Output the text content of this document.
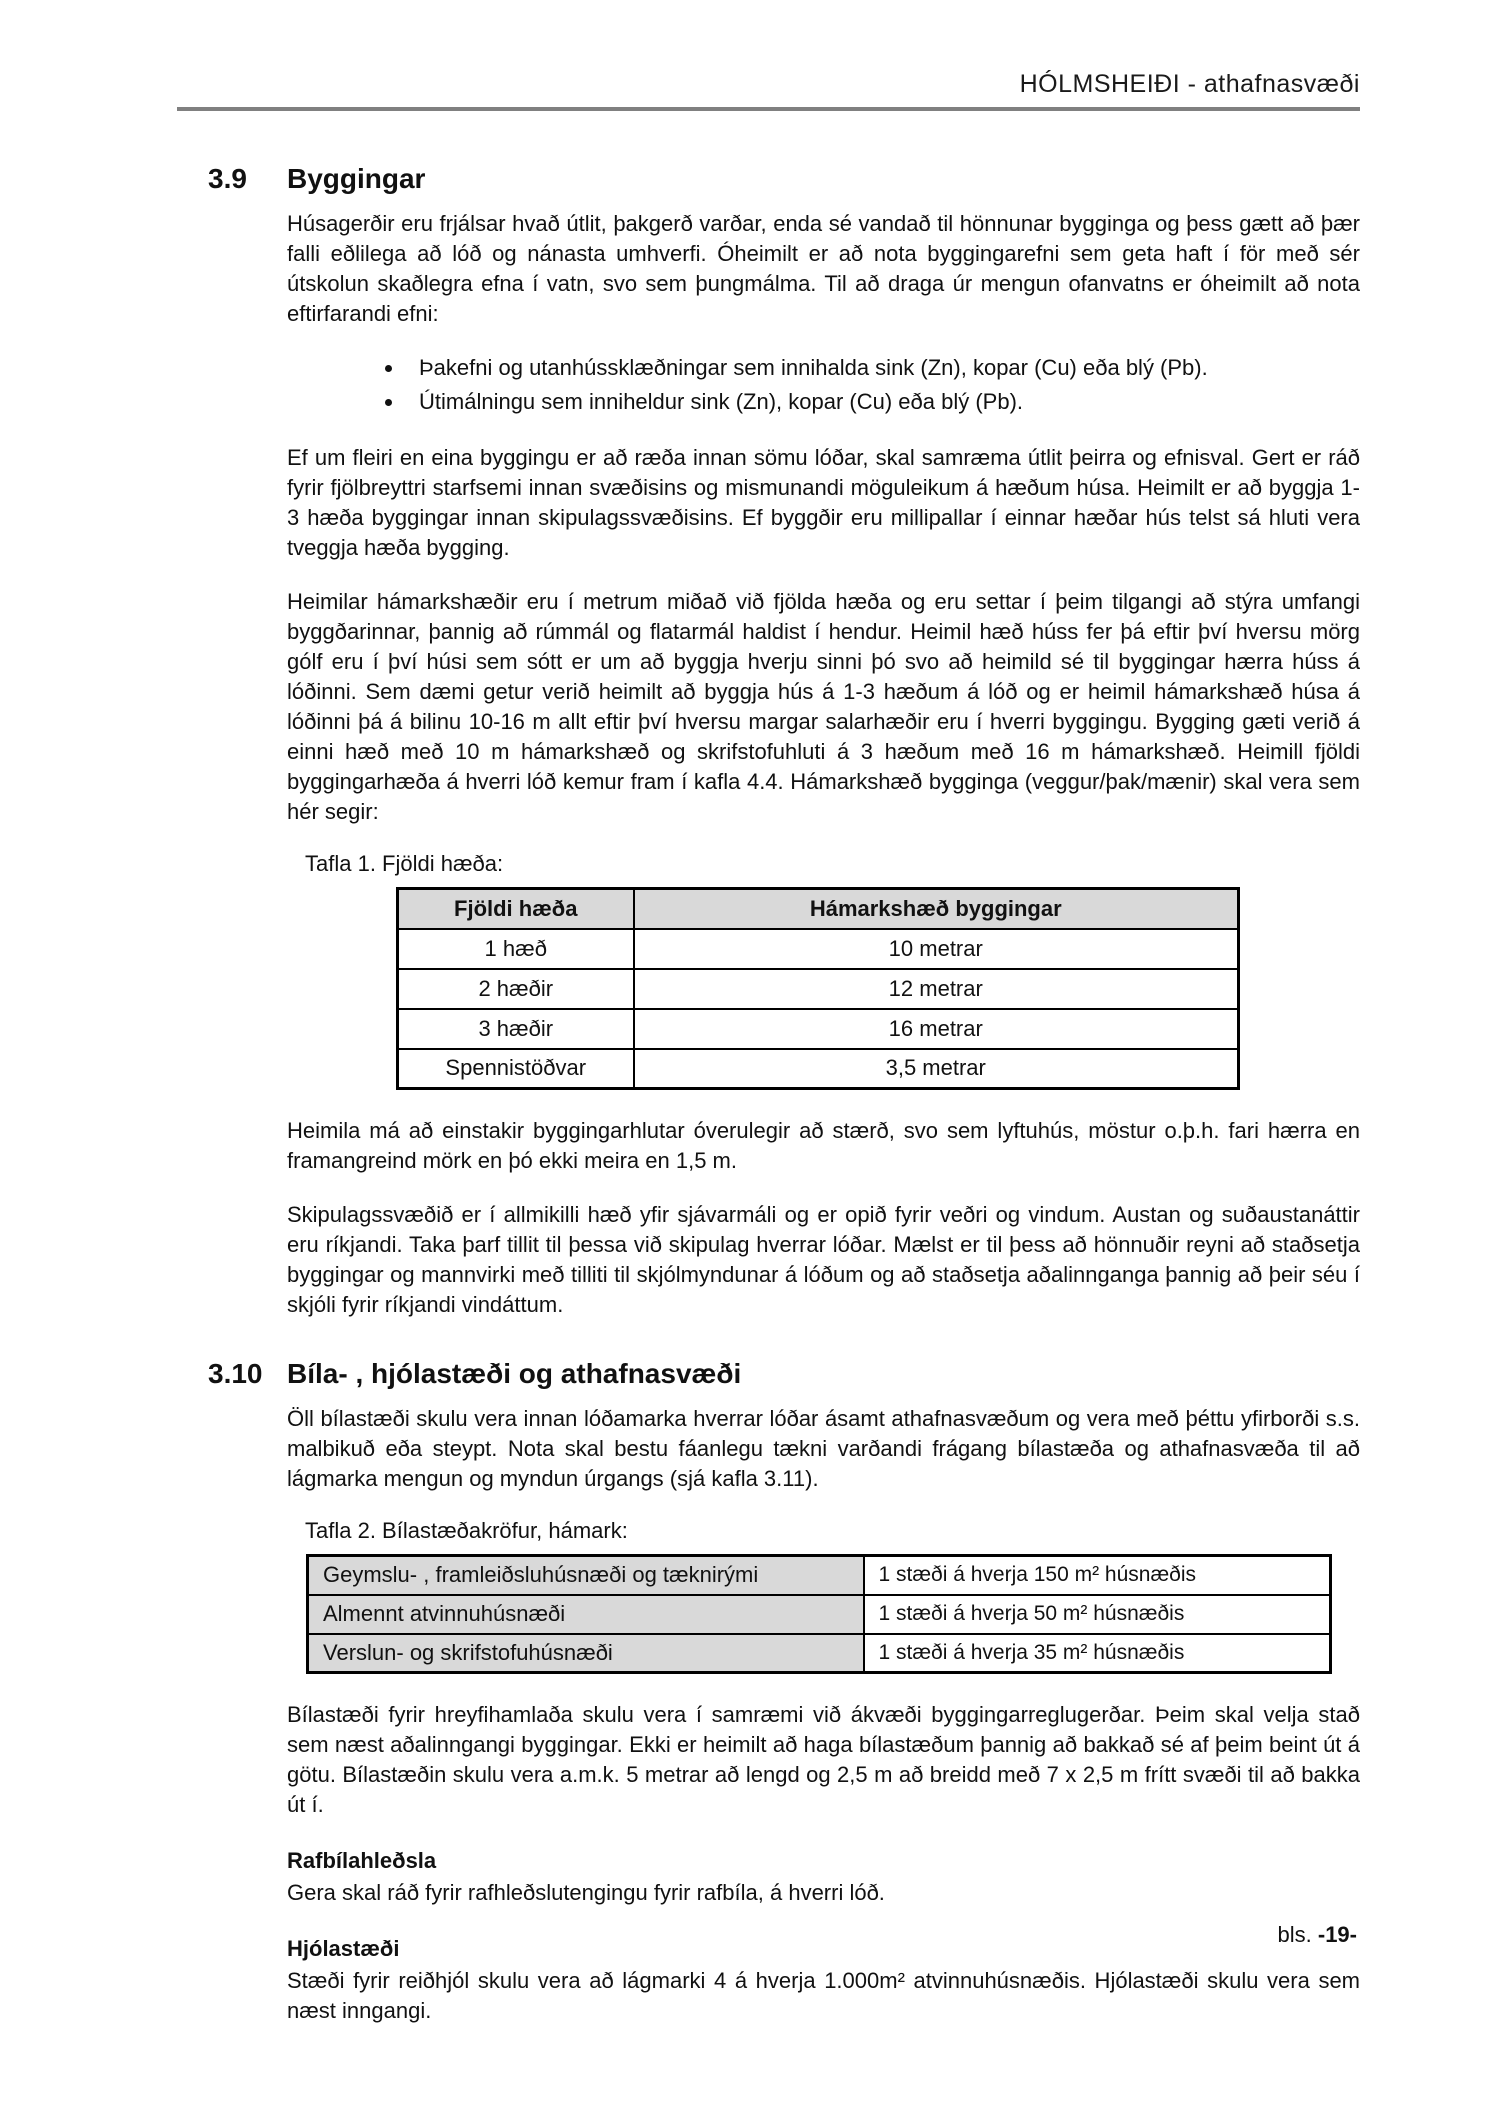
HÓLMSHEIÐI - athafnasvæði
3.9	Byggingar

Húsagerðir eru frjálsar hvað útlit, þakgerð varðar, enda sé vandað til hönnunar bygginga og þess gætt að þær falli eðlilega að lóð og nánasta umhverfi. Óheimilt er að nota byggingarefni sem geta haft í för með sér útskolun skaðlegra efna í vatn, svo sem þungmálma. Til að draga úr mengun ofanvatns er óheimilt að nota eftirfarandi efni:

• Þakefni og utanhússklæðningar sem innihalda sink (Zn), kopar (Cu) eða blý (Pb).
• Útimálningu sem inniheldur sink (Zn), kopar (Cu) eða blý (Pb).

Ef um fleiri en eina byggingu er að ræða innan sömu lóðar, skal samræma útlit þeirra og efnisval. Gert er ráð fyrir fjölbreyttri starfsemi innan svæðisins og mismunandi möguleikum á hæðum húsa. Heimilt er að byggja 1-3 hæða byggingar innan skipulagssvæðisins. Ef byggðir eru millipallar í einnar hæðar hús telst sá hluti vera tveggja hæða bygging.

Heimilar hámarkshæðir eru í metrum miðað við fjölda hæða og eru settar í þeim tilgangi að stýra umfangi byggðarinnar, þannig að rúmmál og flatarmál haldist í hendur. Heimil hæð húss fer þá eftir því hversu mörg gólf eru í því húsi sem sótt er um að byggja hverju sinni þó svo að heimild sé til byggingar hærra húss á lóðinni. Sem dæmi getur verið heimilt að byggja hús á 1-3 hæðum á lóð og er heimil hámarkshæð húsa á lóðinni þá á bilinu 10-16 m allt eftir því hversu margar salarhæðir eru í hverri byggingu. Bygging gæti verið á einni hæð með 10 m hámarkshæð og skrifstofuhluti á 3 hæðum með 16 m hámarkshæð. Heimill fjöldi byggingarhæða á hverri lóð kemur fram í kafla 4.4. Hámarkshæð bygginga (veggur/þak/mænir) skal vera sem hér segir:

Tafla 1. Fjöldi hæða:
Fjöldi hæða	Hámarkshæð byggingar
1 hæð	10 metrar
2 hæðir	12 metrar
3 hæðir	16 metrar
Spennistöðvar	3,5 metrar

Heimila má að einstakir byggingarhlutar óverulegir að stærð, svo sem lyftuhús, möstur o.þ.h. fari hærra en framangreind mörk en þó ekki meira en 1,5 m.

Skipulagssvæðið er í allmikilli hæð yfir sjávarmáli og er opið fyrir veðri og vindum. Austan og suðaustanáttir eru ríkjandi. Taka þarf tillit til þessa við skipulag hverrar lóðar. Mælst er til þess að hönnuðir reyni að staðsetja byggingar og mannvirki með tilliti til skjólmyndunar á lóðum og að staðsetja aðalinnganga þannig að þeir séu í skjóli fyrir ríkjandi vindáttum.

3.10 Bíla- , hjólastæði og athafnasvæði

Öll bílastæði skulu vera innan lóðamarka hverrar lóðar ásamt athafnasvæðum og vera með þéttu yfirborði s.s. malbikuð eða steypt. Nota skal bestu fáanlegu tækni varðandi frágang bílastæða og athafnasvæða til að lágmarka mengun og myndun úrgangs (sjá kafla 3.11).

Tafla 2. Bílastæðakröfur, hámark:
Geymslu- , framleiðsluhúsnæði og tæknirými	1 stæði á hverja 150 m² húsnæðis
Almennt atvinnuhúsnæði	1 stæði á hverja 50 m² húsnæðis
Verslun- og skrifstofuhúsnæði	1 stæði á hverja 35 m² húsnæðis

Bílastæði fyrir hreyfihamlaða skulu vera í samræmi við ákvæði byggingarreglugerðar. Þeim skal velja stað sem næst aðalinngangi byggingar. Ekki er heimilt að haga bílastæðum þannig að bakkað sé af þeim beint út á götu. Bílastæðin skulu vera a.m.k. 5 metrar að lengd og 2,5 m að breidd með 7 x 2,5 m frítt svæði til að bakka út í.

Rafbílahleðsla

Gera skal ráð fyrir rafhleðslutengingu fyrir rafbíla, á hverri lóð.

Hjólastæði

Stæði fyrir reiðhjól skulu vera að lágmarki 4 á hverja 1.000m² atvinnuhúsnæðis. Hjólastæði skulu vera sem næst inngangi.

bls. -19-
